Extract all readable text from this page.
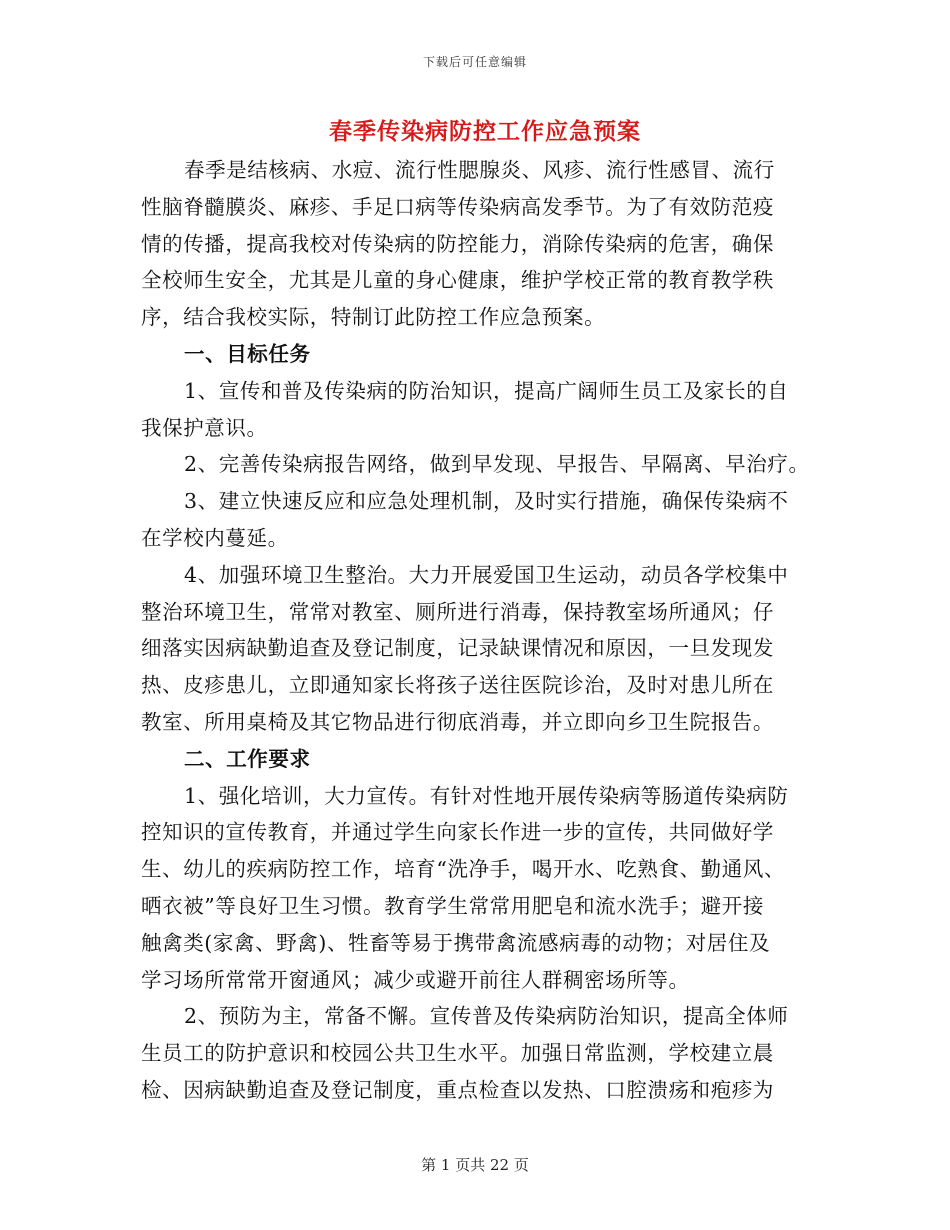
下载后可任意编辑
春季传染病防控工作应急预案
春季是结核病、水痘、流行性腮腺炎、风疹、流行性感冒、流行
性脑脊髓膜炎、麻疹、手足口病等传染病高发季节。为了有效防范疫
情的传播，提高我校对传染病的防控能力，消除传染病的危害，确保
全校师生安全，尤其是儿童的身心健康，维护学校正常的教育教学秩
序，结合我校实际，特制订此防控工作应急预案。
一、目标任务
1、宣传和普及传染病的防治知识，提高广阔师生员工及家长的自
我保护意识。
2、完善传染病报告网络，做到早发现、早报告、早隔离、早治疗。
3、建立快速反应和应急处理机制，及时实行措施，确保传染病不
在学校内蔓延。
4、加强环境卫生整治。大力开展爱国卫生运动，动员各学校集中
整治环境卫生，常常对教室、厕所进行消毒，保持教室场所通风；仔
细落实因病缺勤追查及登记制度，记录缺课情况和原因，一旦发现发
热、皮疹患儿，立即通知家长将孩子送往医院诊治，及时对患儿所在
教室、所用桌椅及其它物品进行彻底消毒，并立即向乡卫生院报告。
二、工作要求
1、强化培训，大力宣传。有针对性地开展传染病等肠道传染病防
控知识的宣传教育，并通过学生向家长作进一步的宣传，共同做好学
生、幼儿的疾病防控工作，培育“洗净手，喝开水、吃熟食、勤通风、
晒衣被”等良好卫生习惯。教育学生常常用肥皂和流水洗手；避开接
触禽类(家禽、野禽)、牲畜等易于携带禽流感病毒的动物；对居住及
学习场所常常开窗通风；减少或避开前往人群稠密场所等。
2、预防为主，常备不懈。宣传普及传染病防治知识，提高全体师
生员工的防护意识和校园公共卫生水平。加强日常监测，学校建立晨
检、因病缺勤追查及登记制度，重点检查以发热、口腔溃疡和疱疹为
第 1 页共 22 页
